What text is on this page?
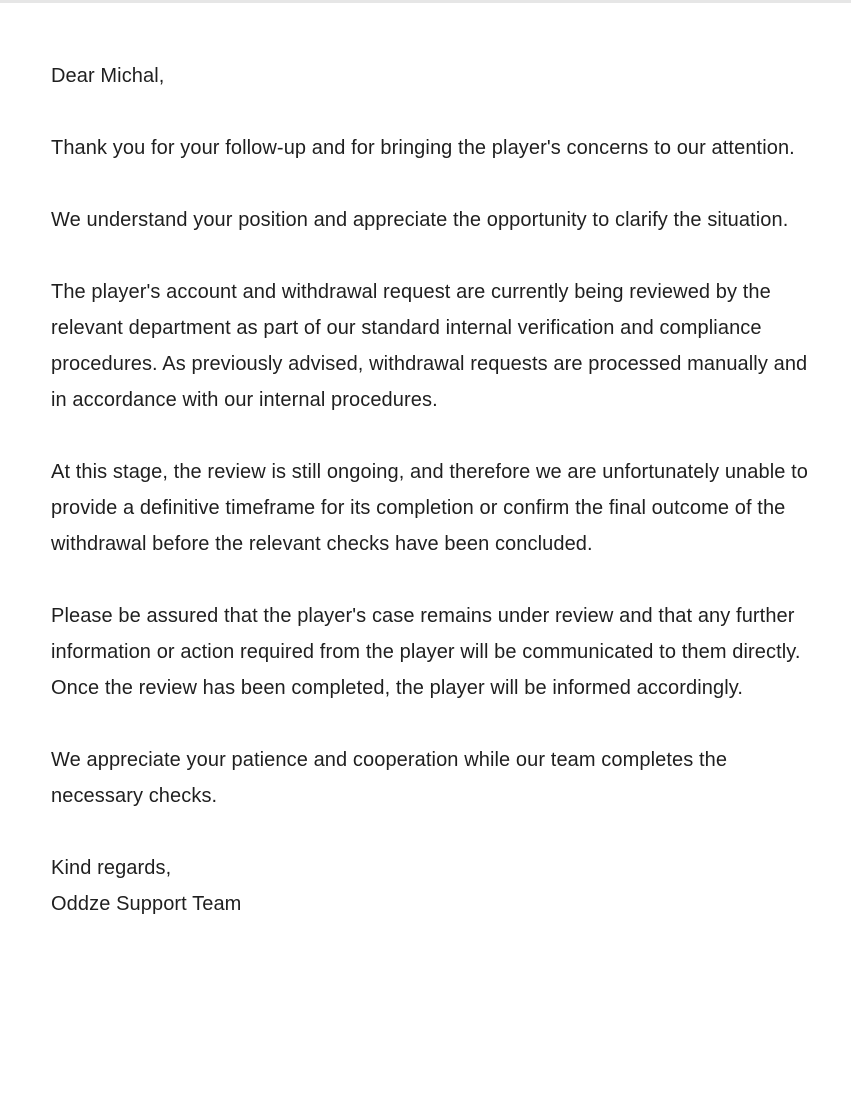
Dear Michal,

Thank you for your follow-up and for bringing the player's concerns to our attention.

We understand your position and appreciate the opportunity to clarify the situation.

The player's account and withdrawal request are currently being reviewed by the relevant department as part of our standard internal verification and compliance procedures. As previously advised, withdrawal requests are processed manually and in accordance with our internal procedures.

At this stage, the review is still ongoing, and therefore we are unfortunately unable to provide a definitive timeframe for its completion or confirm the final outcome of the withdrawal before the relevant checks have been concluded.

Please be assured that the player's case remains under review and that any further information or action required from the player will be communicated to them directly. Once the review has been completed, the player will be informed accordingly.

We appreciate your patience and cooperation while our team completes the necessary checks.

Kind regards,

Oddze Support Team
